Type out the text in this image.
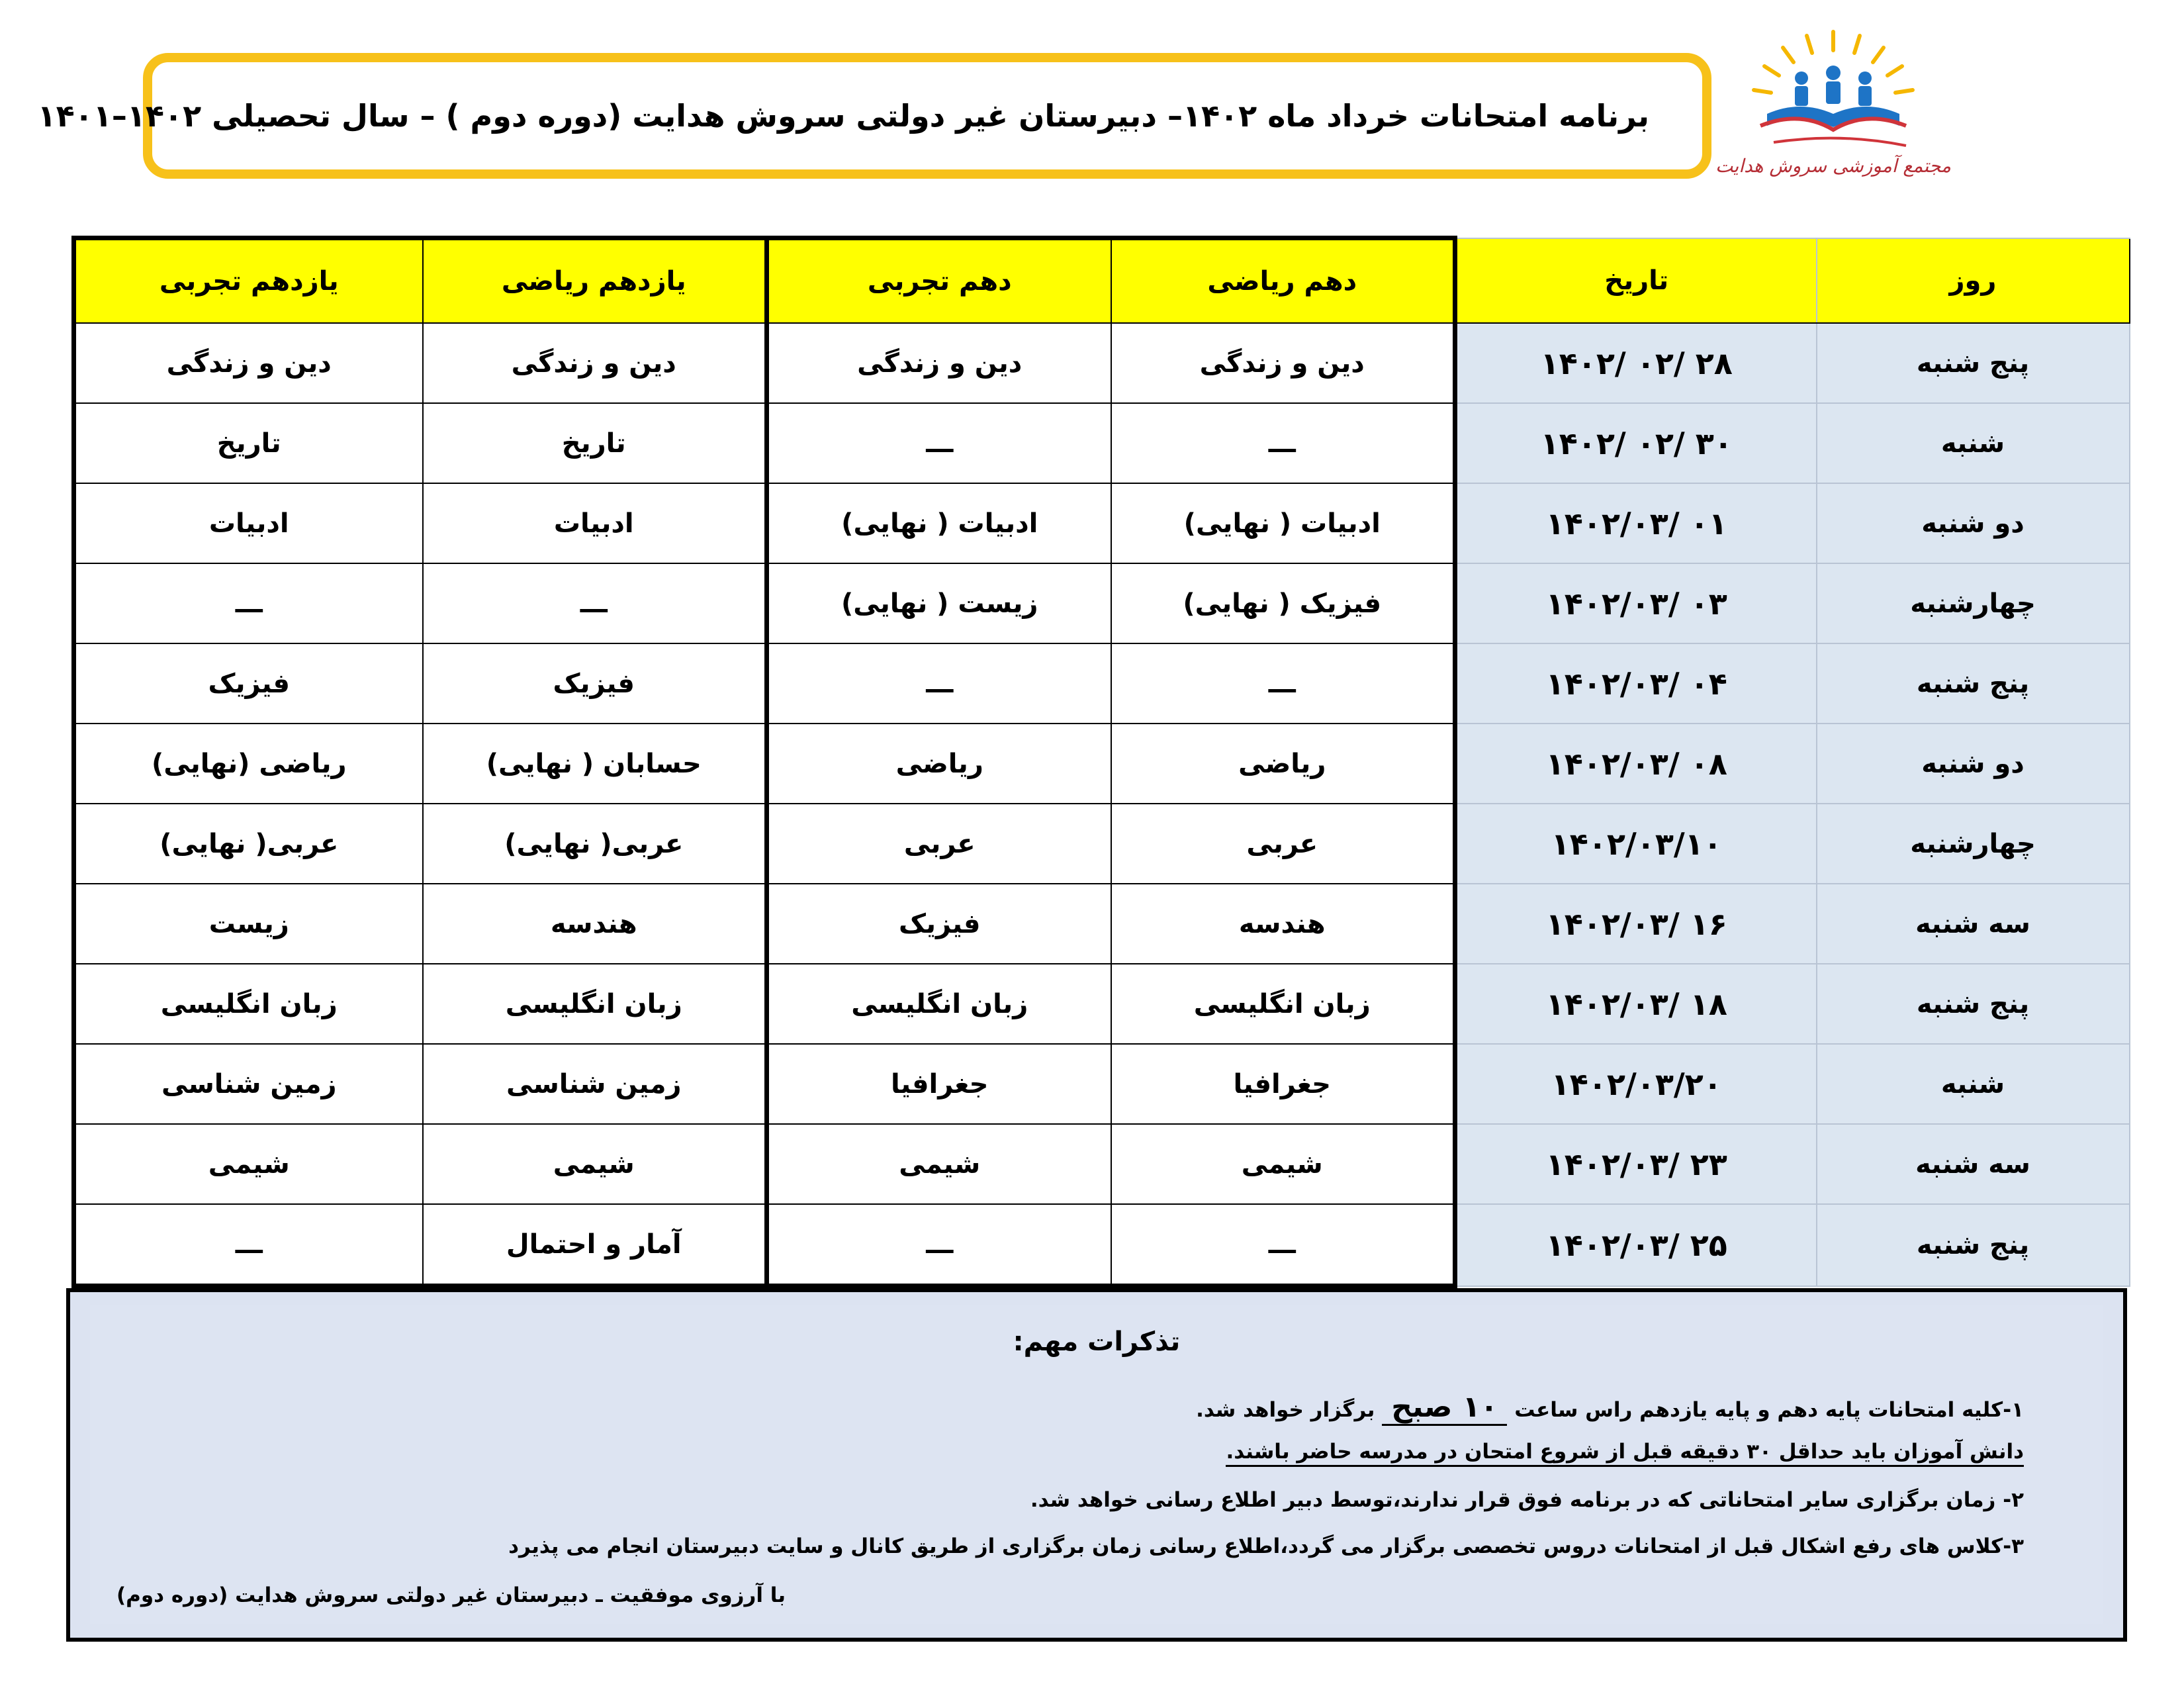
برنامه امتحانات خرداد ماه ۱۴۰۲– دبیرستان غیر دولتی سروش هدایت (دوره دوم ) – سال تحصیلی ۱۴۰۲–۱۴۰۱
مجتمع آموزشی سروش هدایت
روز	تاریخ	دهم ریاضی	دهم تجربی	یازدهم ریاضی	یازدهم تجربی
پنج شنبه	۱۴۰۲/ ۰۲/ ۲۸	دین و زندگی	دین و زندگی	دین و زندگی	دین و زندگی
شنبه	۱۴۰۲/ ۰۲/ ۳۰	ـــ	ـــ	تاریخ	تاریخ
دو شنبه	۱۴۰۲/۰۳/ ۰۱	ادبیات ( نهایی)	ادبیات ( نهایی)	ادبیات	ادبیات
چهارشنبه	۱۴۰۲/۰۳/ ۰۳	فیزیک ( نهایی)	زیست ( نهایی)	ـــ	ـــ
پنج شنبه	۱۴۰۲/۰۳/ ۰۴	ـــ	ـــ	فیزیک	فیزیک
دو شنبه	۱۴۰۲/۰۳/ ۰۸	ریاضی	ریاضی	حسابان ( نهایی)	ریاضی (نهایی)
چهارشنبه	۱۴۰۲/۰۳/۱۰	عربی	عربی	عربی( نهایی)	عربی( نهایی)
سه شنبه	۱۴۰۲/۰۳/ ۱۶	هندسه	فیزیک	هندسه	زیست
پنج شنبه	۱۴۰۲/۰۳/ ۱۸	زبان انگلیسی	زبان انگلیسی	زبان انگلیسی	زبان انگلیسی
شنبه	۱۴۰۲/۰۳/۲۰	جغرافیا	جغرافیا	زمین شناسی	زمین شناسی
سه شنبه	۱۴۰۲/۰۳/ ۲۳	شیمی	شیمی	شیمی	شیمی
پنج شنبه	۱۴۰۲/۰۳/ ۲۵	ـــ	ـــ	آمار و احتمال	ـــ
تذکرات مهم:
۱-کلیه امتحانات پایه دهم و پایه یازدهم راس ساعت ۱۰ صبح برگزار خواهد شد.
دانش آموزان باید حداقل ۳۰ دقیقه قبل از شروع امتحان در مدرسه حاضر باشند.
۲- زمان برگزاری سایر امتحاناتی که در برنامه فوق قرار ندارند،توسط دبیر اطلاع رسانی خواهد شد.
۳-کلاس های رفع اشکال قبل از امتحانات دروس تخصصی برگزار می گردد،اطلاع رسانی زمان برگزاری از طریق کانال و سایت دبیرستان انجام می پذیرد
با آرزوی موفقیت ـ دبیرستان غیر دولتی سروش هدایت (دوره دوم)
